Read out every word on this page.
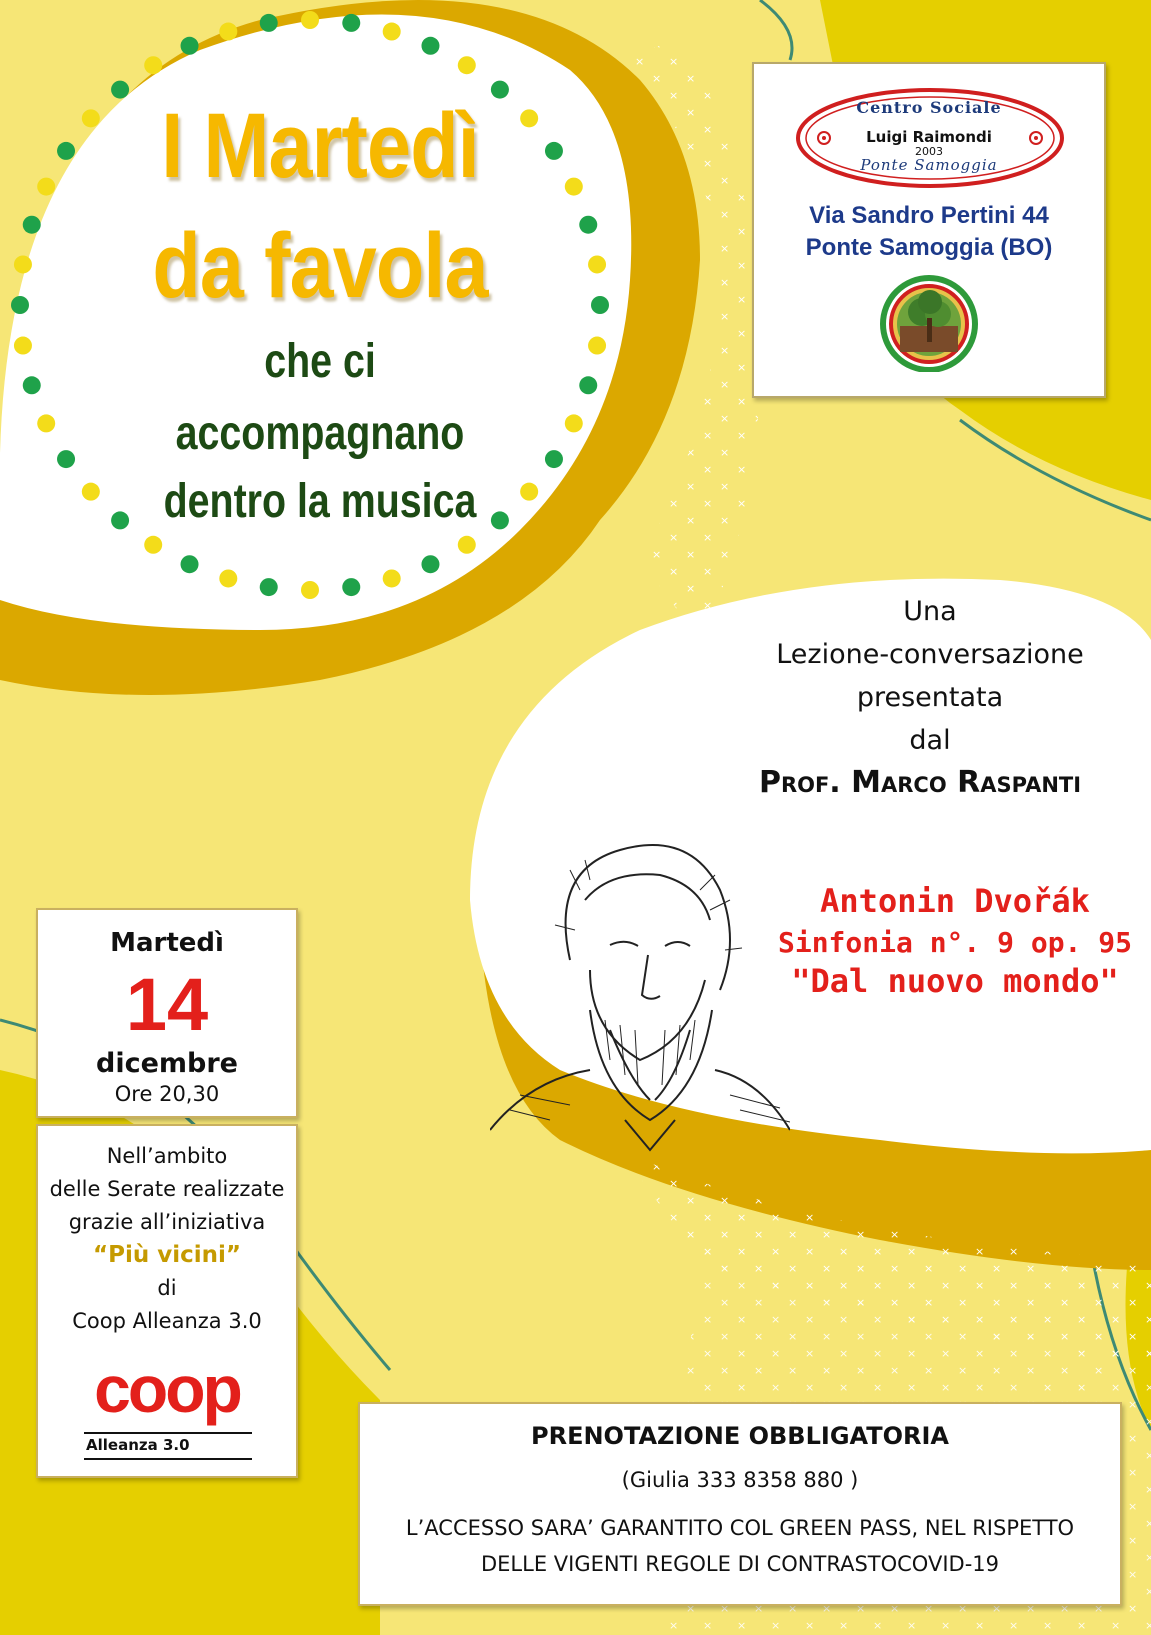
I Martedì
da favola
che ci
accompagnano
dentro la musica
Centro Sociale
Luigi Raimondi
2003
Ponte Samoggia
Via Sandro Pertini 44
Ponte Samoggia (BO)
Una
Lezione-conversazione
presentata
dal
Prof. Marco Raspanti
Antonin Dvořák
Sinfonia n°. 9 op. 95
"Dal nuovo mondo"
Martedì
14
dicembre
Ore 20,30
Nell’ambito
delle Serate realizzate
grazie all’iniziativa
“Più vicini”
di
Coop Alleanza 3.0
coop
Alleanza 3.0	PRENOTAZIONE OBBLIGATORIA
(Giulia 333 8358 880 )
L’ACCESSO SARA’ GARANTITO COL GREEN PASS, NEL RISPETTO
DELLE VIGENTI REGOLE DI CONTRASTOCOVID-19
